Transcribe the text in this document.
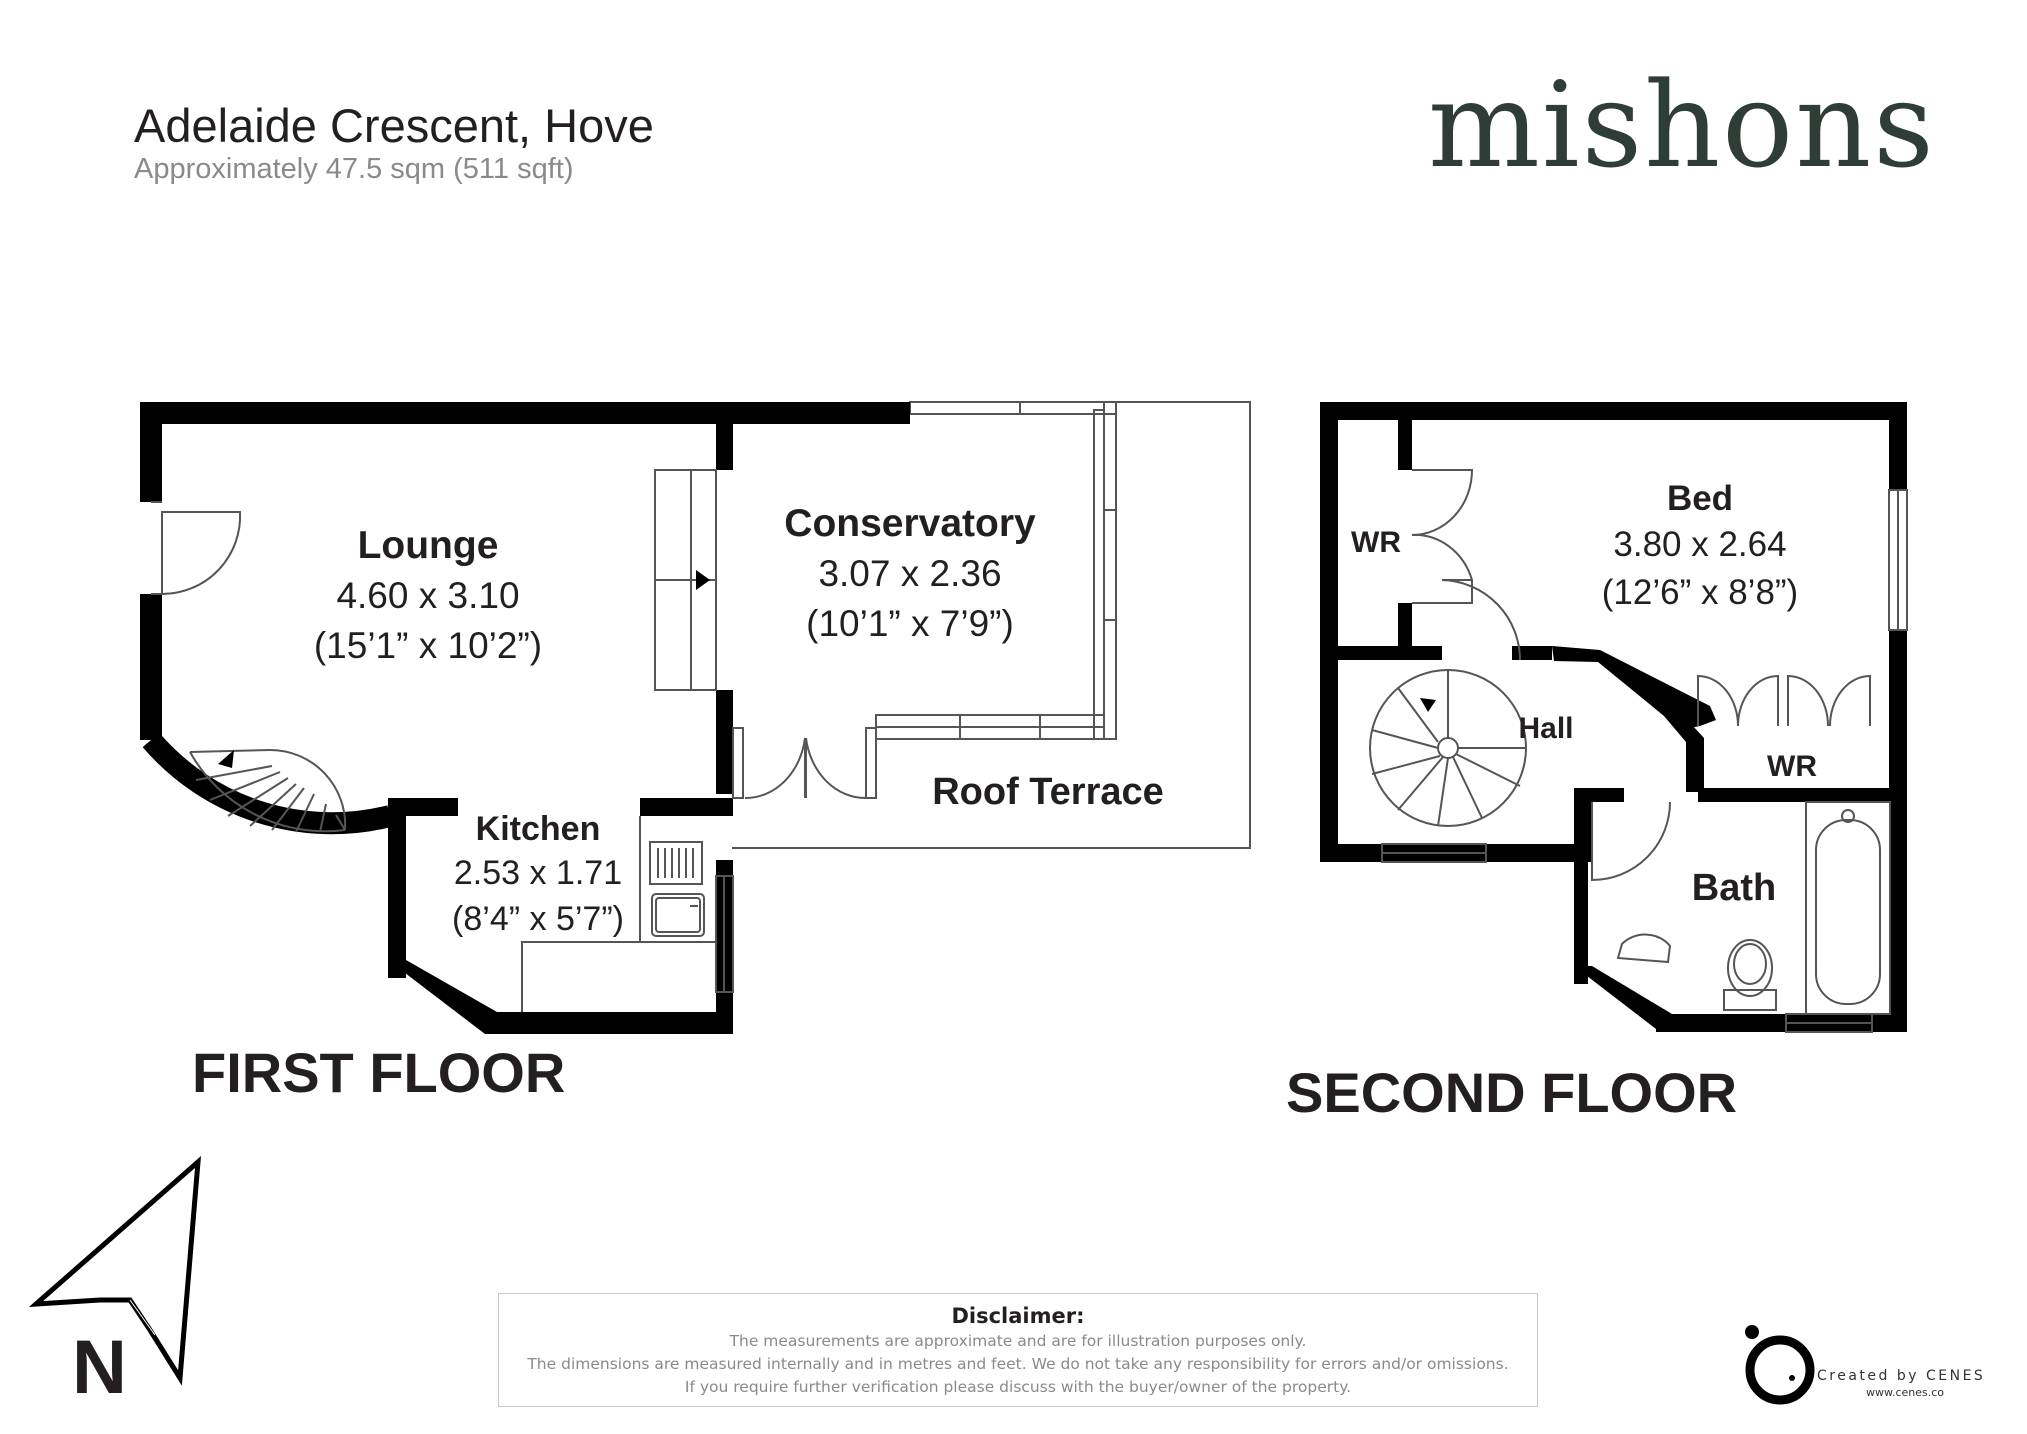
Adelaide Crescent, Hove
Approximately 47.5 sqm (511 sqft)	mishons
Lounge
4.60 x 3.10
(15’1” x 10’2”)
Conservatory
3.07 x 2.36
(10’1” x 7’9”)
Kitchen
2.53 x 1.71
(8’4” x 5’7”)
Roof Terrace
Bed
3.80 x 2.64
(12’6” x 8’8”)
WR
Hall
WR
Bath
FIRST FLOOR	SECOND FLOOR
N
Disclaimer:
The measurements are approximate and are for illustration purposes only.
The dimensions are measured internally and in metres and feet. We do not take any responsibility for errors and/or omissions.
If you require further verification please discuss with the buyer/owner of the property.
Created by CENES
www.cenes.co
